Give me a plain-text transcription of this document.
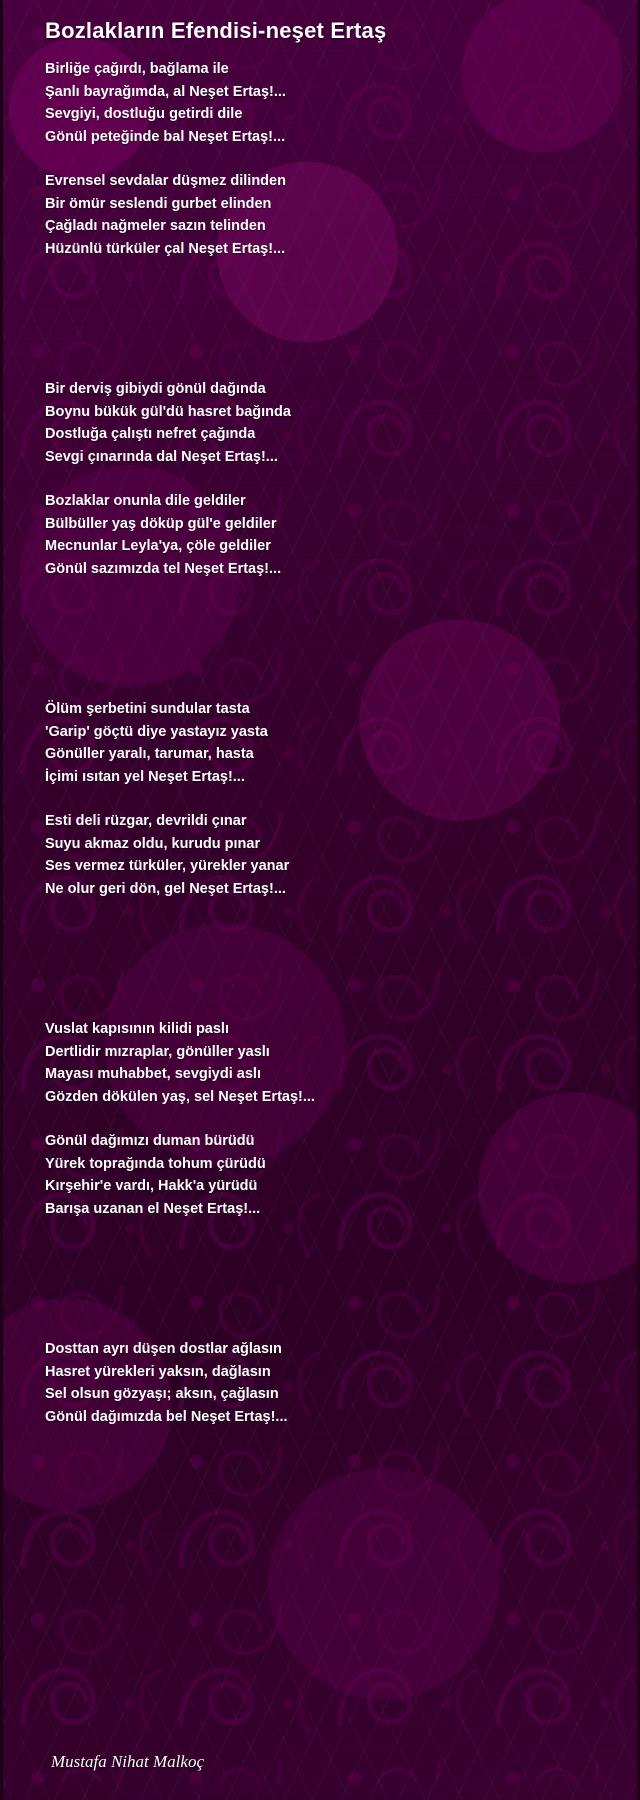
Bozlakların Efendisi-neşet Ertaş
Birliğe çağırdı, bağlama ile
Şanlı bayrağımda, al Neşet Ertaş!...
Sevgiyi, dostluğu getirdi dile
Gönül peteğinde bal Neşet Ertaş!...
Evrensel sevdalar düşmez dilinden
Bir ömür seslendi gurbet elinden
Çağladı nağmeler sazın telinden
Hüzünlü türküler çal Neşet Ertaş!...
Bir derviş gibiydi gönül dağında
Boynu bükük gül'dü hasret bağında
Dostluğa çalıştı nefret çağında
Sevgi çınarında dal Neşet Ertaş!...
Bozlaklar onunla dile geldiler
Bülbüller yaş döküp gül'e geldiler
Mecnunlar Leyla'ya, çöle geldiler
Gönül sazımızda tel Neşet Ertaş!...
Ölüm şerbetini sundular tasta
'Garip' göçtü diye yastayız yasta
Gönüller yaralı, tarumar, hasta
İçimi ısıtan yel Neşet Ertaş!...
Esti deli rüzgar, devrildi çınar
Suyu akmaz oldu, kurudu pınar
Ses vermez türküler, yürekler yanar
Ne olur geri dön, gel Neşet Ertaş!...
Vuslat kapısının kilidi paslı
Dertlidir mızraplar, gönüller yaslı
Mayası muhabbet, sevgiydi aslı
Gözden dökülen yaş, sel Neşet Ertaş!...
Gönül dağımızı duman bürüdü
Yürek toprağında tohum çürüdü
Kırşehir'e vardı, Hakk'a yürüdü
Barışa uzanan el Neşet Ertaş!...
Dosttan ayrı düşen dostlar ağlasın
Hasret yürekleri yaksın, dağlasın
Sel olsun gözyaşı; aksın, çağlasın
Gönül dağımızda bel Neşet Ertaş!...
Mustafa Nihat Malkoç
